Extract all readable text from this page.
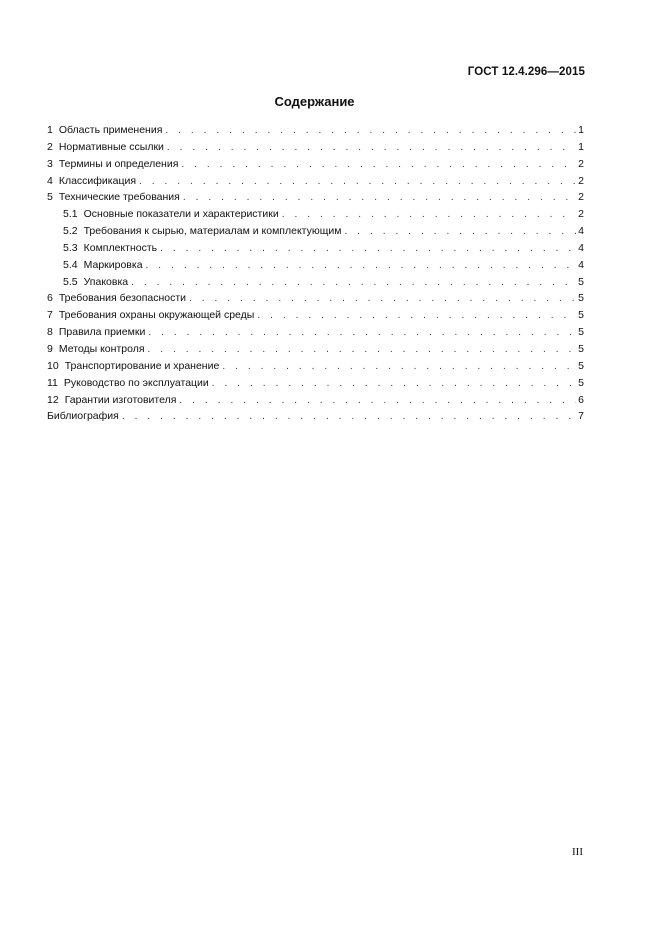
ГОСТ 12.4.296—2015
Содержание
1 Область применения . . .	1
2 Нормативные ссылки . . .	1
3 Термины и определения . . .	2
4 Классификация . . .	2
5 Технические требования . . .	2
5.1 Основные показатели и характеристики . . .	2
5.2 Требования к сырью, материалам и комплектующим . . .	4
5.3 Комплектность . . .	4
5.4 Маркировка . . .	4
5.5 Упаковка . . .	5
6 Требования безопасности . . .	5
7 Требования охраны окружающей среды . . .	5
8 Правила приемки . . .	5
9 Методы контроля . . .	5
10 Транспортирование и хранение . . .	5
11 Руководство по эксплуатации . . .	5
12 Гарантии изготовителя . . .	6
Библиография . . .	7
III
